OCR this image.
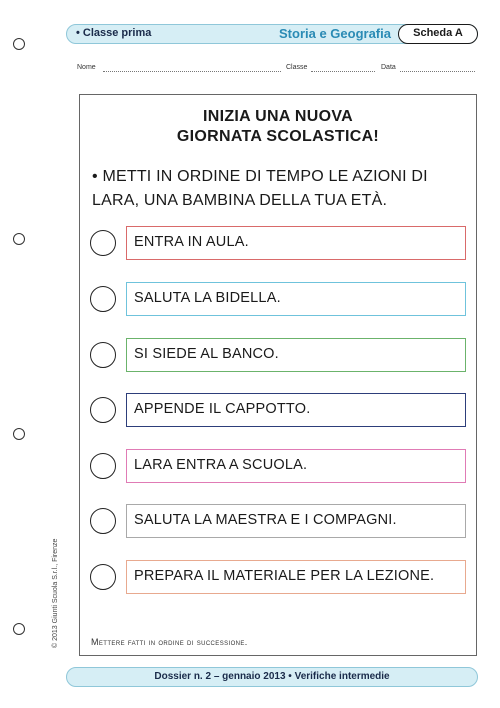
• Classe prima	Storia e Geografia	Scheda A
Nome	Classe	Data
INIZIA UNA NUOVA
GIORNATA SCOLASTICA!
• METTI IN ORDINE DI TEMPO LE AZIONI DI LARA, UNA BAMBINA DELLA TUA ETÀ.
ENTRA IN AULA.
SALUTA LA BIDELLA.
SI SIEDE AL BANCO.
APPENDE IL CAPPOTTO.
LARA ENTRA A SCUOLA.
SALUTA LA MAESTRA E I COMPAGNI.
PREPARA IL MATERIALE PER LA LEZIONE.
Mettere fatti in ordine di successione.
© 2013 Giunti Scuola S.r.l., Firenze
Dossier n. 2 – gennaio 2013 • Verifiche intermedie
